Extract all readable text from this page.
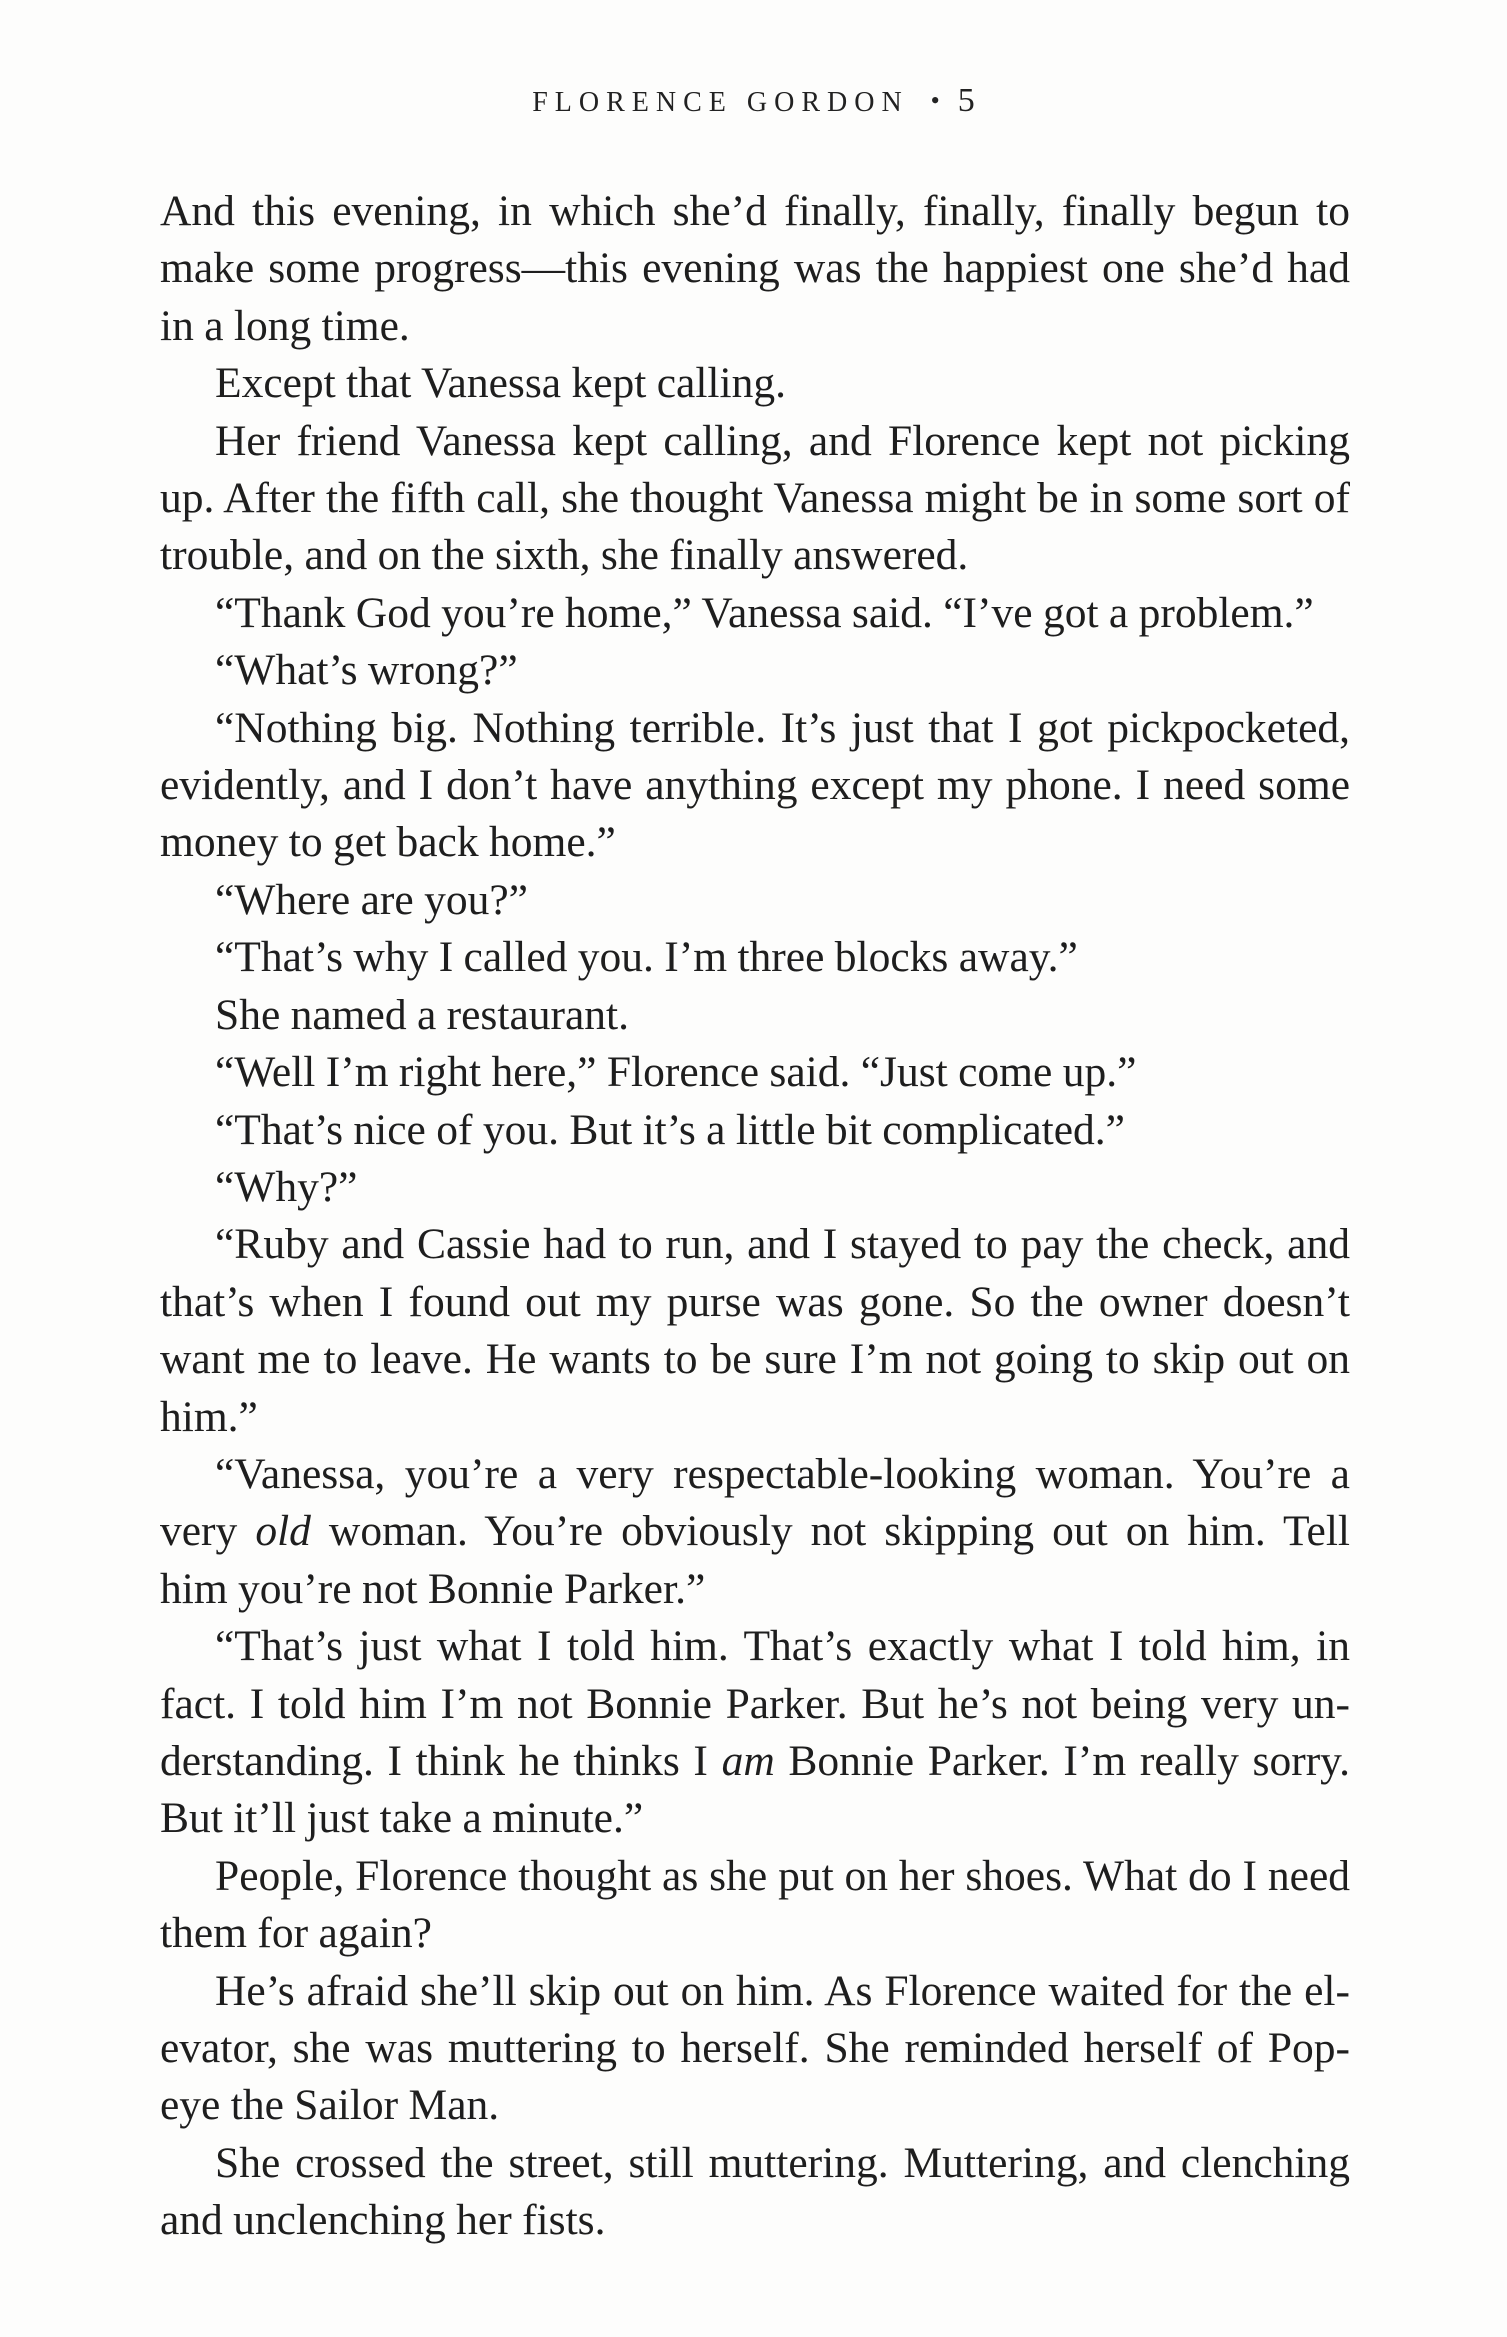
FLORENCE GORDON • 5

And this evening, in which she’d finally, finally, finally begun to make some progress—this evening was the happiest one she’d had in a long time.

Except that Vanessa kept calling.

Her friend Vanessa kept calling, and Florence kept not picking up. After the fifth call, she thought Vanessa might be in some sort of trouble, and on the sixth, she finally answered.

“Thank God you’re home,” Vanessa said. “I’ve got a problem.”

“What’s wrong?”

“Nothing big. Nothing terrible. It’s just that I got pickpocketed, evidently, and I don’t have anything except my phone. I need some money to get back home.”

“Where are you?”

“That’s why I called you. I’m three blocks away.”

She named a restaurant.

“Well I’m right here,” Florence said. “Just come up.”

“That’s nice of you. But it’s a little bit complicated.”

“Why?”

“Ruby and Cassie had to run, and I stayed to pay the check, and that’s when I found out my purse was gone. So the owner doesn’t want me to leave. He wants to be sure I’m not going to skip out on him.”

“Vanessa, you’re a very respectable-looking woman. You’re a very old woman. You’re obviously not skipping out on him. Tell him you’re not Bonnie Parker.”

“That’s just what I told him. That’s exactly what I told him, in fact. I told him I’m not Bonnie Parker. But he’s not being very understanding. I think he thinks I am Bonnie Parker. I’m really sorry. But it’ll just take a minute.”

People, Florence thought as she put on her shoes. What do I need them for again?

He’s afraid she’ll skip out on him. As Florence waited for the elevator, she was muttering to herself. She reminded herself of Popeye the Sailor Man.

She crossed the street, still muttering. Muttering, and clenching and unclenching her fists.
